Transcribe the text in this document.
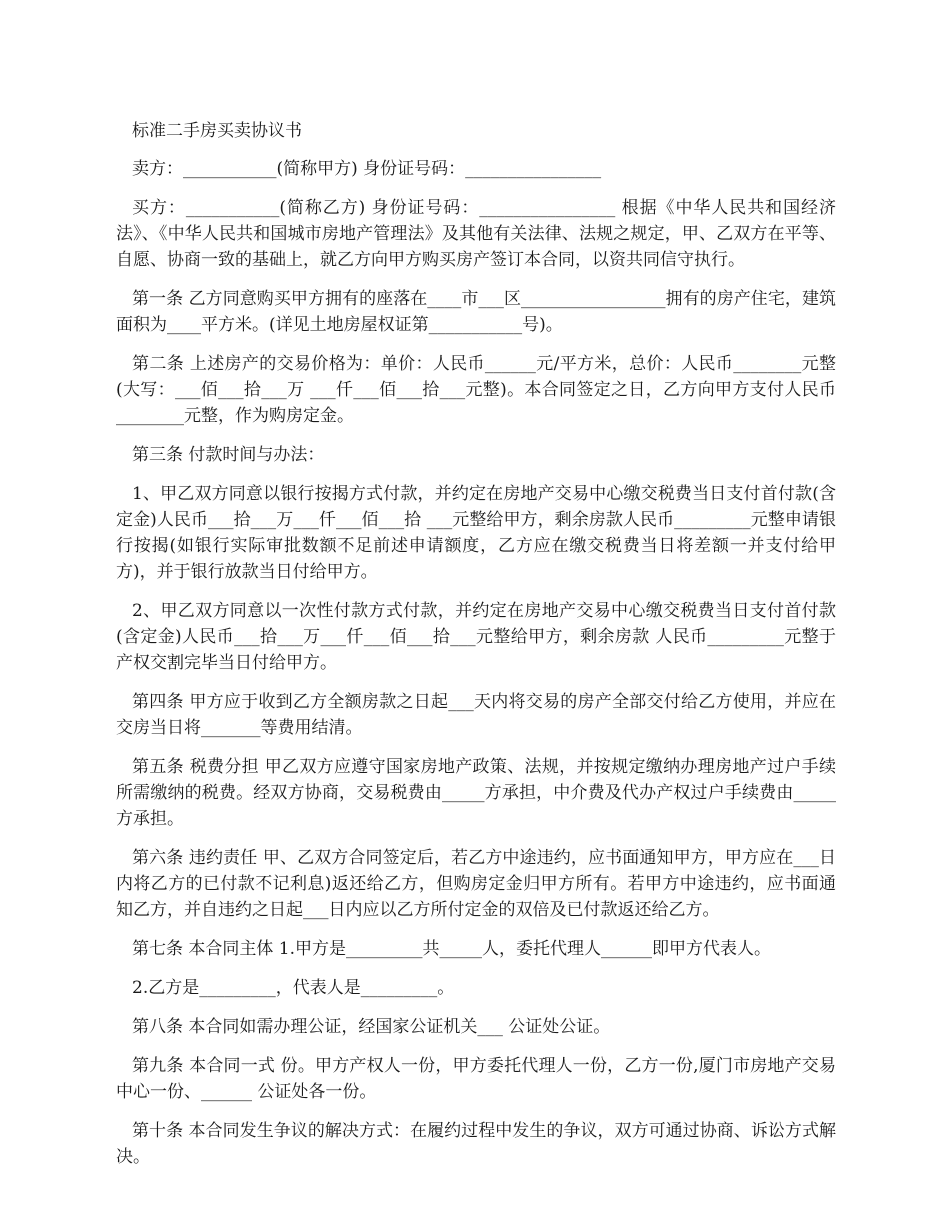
标准二手房买卖协议书

卖方：___________(简称甲方) 身份证号码：________________

买方：___________(简称乙方) 身份证号码：________________ 根据《中华人民共和国经济法》、《中华人民共和国城市房地产管理法》及其他有关法律、法规之规定，甲、乙双方在平等、自愿、协商一致的基础上，就乙方向甲方购买房产签订本合同，以资共同信守执行。

第一条 乙方同意购买甲方拥有的座落在____市___区_________________拥有的房产住宅，建筑面积为____平方米。(详见土地房屋权证第___________号)。

第二条 上述房产的交易价格为：单价：人民币______元/平方米，总价：人民币________元整(大写：___佰___拾___万 ___仟___佰___拾___元整)。本合同签定之日，乙方向甲方支付人民币 ________元整，作为购房定金。

第三条 付款时间与办法：

1、甲乙双方同意以银行按揭方式付款，并约定在房地产交易中心缴交税费当日支付首付款(含定金)人民币___拾___万___仟___佰___拾 ___元整给甲方，剩余房款人民币_________元整申请银行按揭(如银行实际审批数额不足前述申请额度，乙方应在缴交税费当日将差额一并支付给甲方)，并于银行放款当日付给甲方。

2、甲乙双方同意以一次性付款方式付款，并约定在房地产交易中心缴交税费当日支付首付款(含定金)人民币___拾___万___仟___佰___拾___元整给甲方，剩余房款 人民币_________元整于产权交割完毕当日付给甲方。

第四条 甲方应于收到乙方全额房款之日起___天内将交易的房产全部交付给乙方使用，并应在交房当日将_______等费用结清。

第五条 税费分担 甲乙双方应遵守国家房地产政策、法规，并按规定缴纳办理房地产过户手续所需缴纳的税费。经双方协商，交易税费由_____方承担，中介费及代办产权过户手续费由_____方承担。

第六条 违约责任 甲、乙双方合同签定后，若乙方中途违约，应书面通知甲方，甲方应在___日内将乙方的已付款不记利息)返还给乙方，但购房定金归甲方所有。若甲方中途违约，应书面通知乙方，并自违约之日起___日内应以乙方所付定金的双倍及已付款返还给乙方。

第七条 本合同主体 1.甲方是_________共_____人，委托代理人______即甲方代表人。

2.乙方是_________，代表人是_________。

第八条 本合同如需办理公证，经国家公证机关___ 公证处公证。

第九条 本合同一式 份。甲方产权人一份，甲方委托代理人一份，乙方一份,厦门市房地产交易中心一份、______ 公证处各一份。

第十条 本合同发生争议的解决方式：在履约过程中发生的争议，双方可通过协商、诉讼方式解决。
